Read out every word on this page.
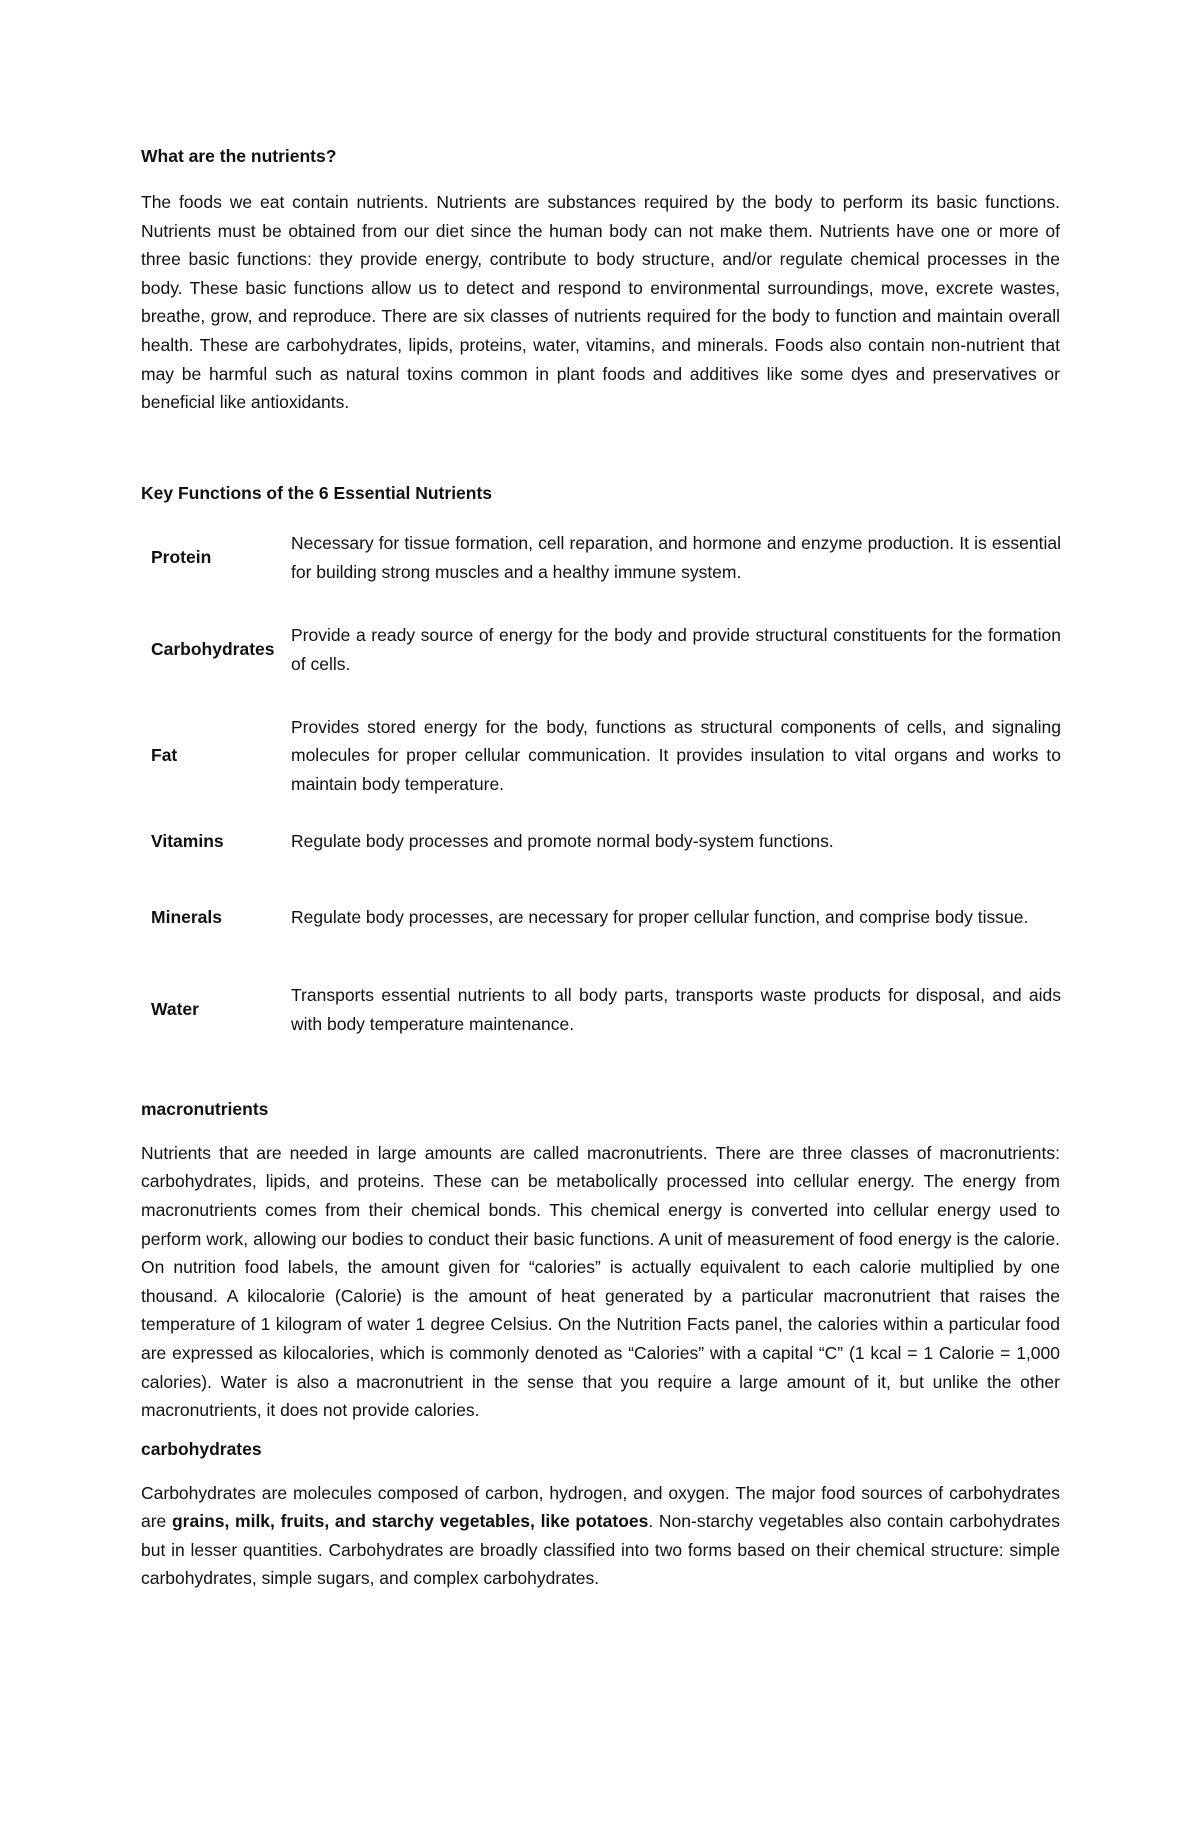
What are the nutrients?

The foods we eat contain nutrients. Nutrients are substances required by the body to perform its basic functions. Nutrients must be obtained from our diet since the human body can not make them. Nutrients have one or more of three basic functions: they provide energy, contribute to body structure, and/or regulate chemical processes in the body. These basic functions allow us to detect and respond to environmental surroundings, move, excrete wastes, breathe, grow, and reproduce. There are six classes of nutrients required for the body to function and maintain overall health. These are carbohydrates, lipids, proteins, water, vitamins, and minerals. Foods also contain non-nutrient that may be harmful such as natural toxins common in plant foods and additives like some dyes and preservatives or beneficial like antioxidants.

Key Functions of the 6 Essential Nutrients
Protein
Necessary for tissue formation, cell reparation, and hormone and enzyme production. It is essential for building strong muscles and a healthy immune system.
Carbohydrates
Provide a ready source of energy for the body and provide structural constituents for the formation of cells.
Fat
Provides stored energy for the body, functions as structural components of cells, and signaling molecules for proper cellular communication. It provides insulation to vital organs and works to maintain body temperature.
Vitamins	Regulate body processes and promote normal body-system functions.
Minerals	Regulate body processes, are necessary for proper cellular function, and comprise body tissue.
Water
Transports essential nutrients to all body parts, transports waste products for disposal, and aids with body temperature maintenance.
macronutrients

Nutrients that are needed in large amounts are called macronutrients. There are three classes of macronutrients: carbohydrates, lipids, and proteins. These can be metabolically processed into cellular energy. The energy from macronutrients comes from their chemical bonds. This chemical energy is converted into cellular energy used to perform work, allowing our bodies to conduct their basic functions. A unit of measurement of food energy is the calorie. On nutrition food labels, the amount given for “calories” is actually equivalent to each calorie multiplied by one thousand. A kilocalorie (Calorie) is the amount of heat generated by a particular macronutrient that raises the temperature of 1 kilogram of water 1 degree Celsius. On the Nutrition Facts panel, the calories within a particular food are expressed as kilocalories, which is commonly denoted as “Calories” with a capital “C” (1 kcal = 1 Calorie = 1,000 calories). Water is also a macronutrient in the sense that you require a large amount of it, but unlike the other macronutrients, it does not provide calories.

carbohydrates

Carbohydrates are molecules composed of carbon, hydrogen, and oxygen. The major food sources of carbohydrates are grains, milk, fruits, and starchy vegetables, like potatoes. Non-starchy vegetables also contain carbohydrates but in lesser quantities. Carbohydrates are broadly classified into two forms based on their chemical structure: simple carbohydrates, simple sugars, and complex carbohydrates.
